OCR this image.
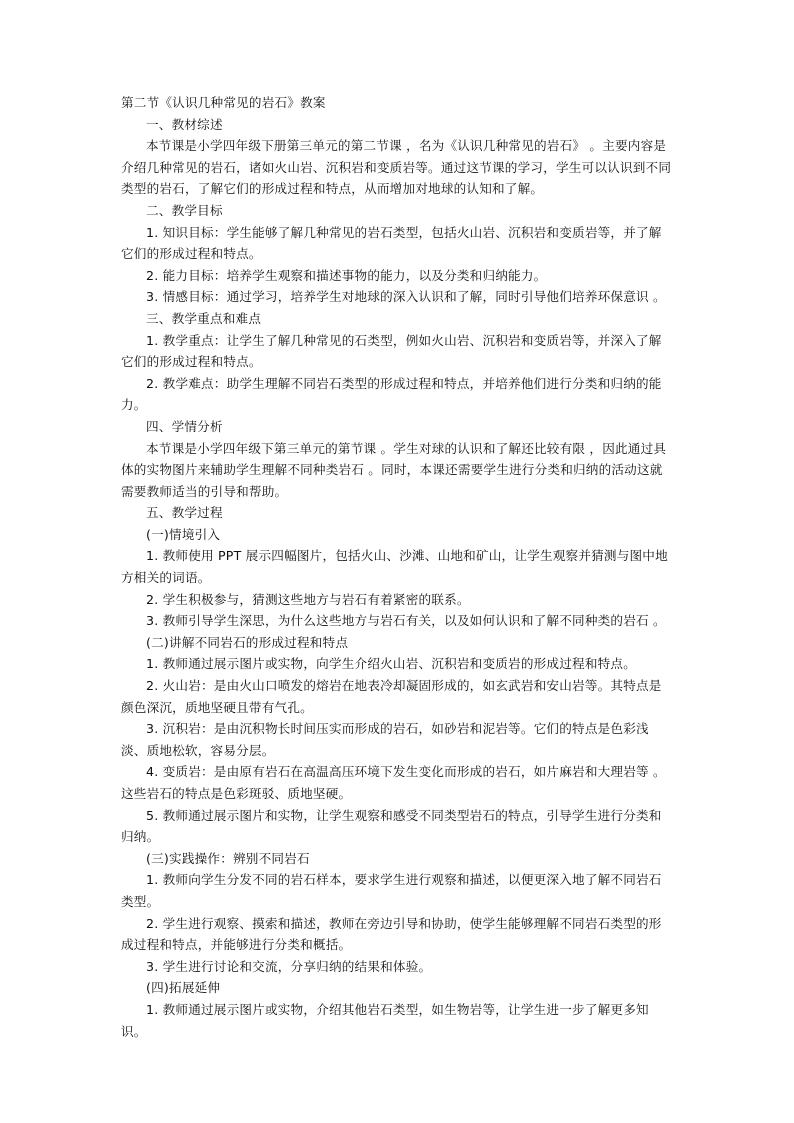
第二节《认识几种常见的岩石》教案

一、教材综述

本节课是小学四年级下册第三单元的第二节课 ，名为《认识几种常见的岩石》 。主要内容是介绍几种常见的岩石，诸如火山岩、沉积岩和变质岩等。通过这节课的学习，学生可以认识到不同类型的岩石，了解它们的形成过程和特点，从而增加对地球的认知和了解。

二、教学目标

1. 知识目标：学生能够了解几种常见的岩石类型，包括火山岩、沉积岩和变质岩等，并了解它们的形成过程和特点。

2. 能力目标：培养学生观察和描述事物的能力，以及分类和归纳能力。

3. 情感目标：通过学习，培养学生对地球的深入认识和了解，同时引导他们培养环保意识 。

三、教学重点和难点

1. 教学重点：让学生了解几种常见的石类型，例如火山岩、沉积岩和变质岩等，并深入了解它们的形成过程和特点。

2. 教学难点：助学生理解不同岩石类型的形成过程和特点，并培养他们进行分类和归纳的能力。

四、学情分析

本节课是小学四年级下第三单元的第节课 。学生对球的认识和了解还比较有限 ，因此通过具体的实物图片来辅助学生理解不同种类岩石 。同时，本课还需要学生进行分类和归纳的活动这就需要教师适当的引导和帮助。

五、教学过程

(一)情境引入

1. 教师使用 PPT 展示四幅图片，包括火山、沙滩、山地和矿山，让学生观察并猜测与图中地方相关的词语。

2. 学生积极参与，猜测这些地方与岩石有着紧密的联系。

3. 教师引导学生深思，为什么这些地方与岩石有关，以及如何认识和了解不同种类的岩石 。

(二)讲解不同岩石的形成过程和特点

1. 教师通过展示图片或实物，向学生介绍火山岩、沉积岩和变质岩的形成过程和特点。

2. 火山岩：是由火山口喷发的熔岩在地表冷却凝固形成的，如玄武岩和安山岩等。其特点是颜色深沉，质地坚硬且带有气孔。

3. 沉积岩：是由沉积物长时间压实而形成的岩石，如砂岩和泥岩等。它们的特点是色彩浅淡、质地松软，容易分层。

4. 变质岩：是由原有岩石在高温高压环境下发生变化而形成的岩石，如片麻岩和大理岩等 。这些岩石的特点是色彩斑驳、质地坚硬。

5. 教师通过展示图片和实物，让学生观察和感受不同类型岩石的特点，引导学生进行分类和归纳。

(三)实践操作：辨别不同岩石

1. 教师向学生分发不同的岩石样本，要求学生进行观察和描述，以便更深入地了解不同岩石类型。

2. 学生进行观察、摸索和描述，教师在旁边引导和协助，使学生能够理解不同岩石类型的形成过程和特点，并能够进行分类和概括。

3. 学生进行讨论和交流，分享归纳的结果和体验。

(四)拓展延伸

1. 教师通过展示图片或实物，介绍其他岩石类型，如生物岩等，让学生进一步了解更多知识。
